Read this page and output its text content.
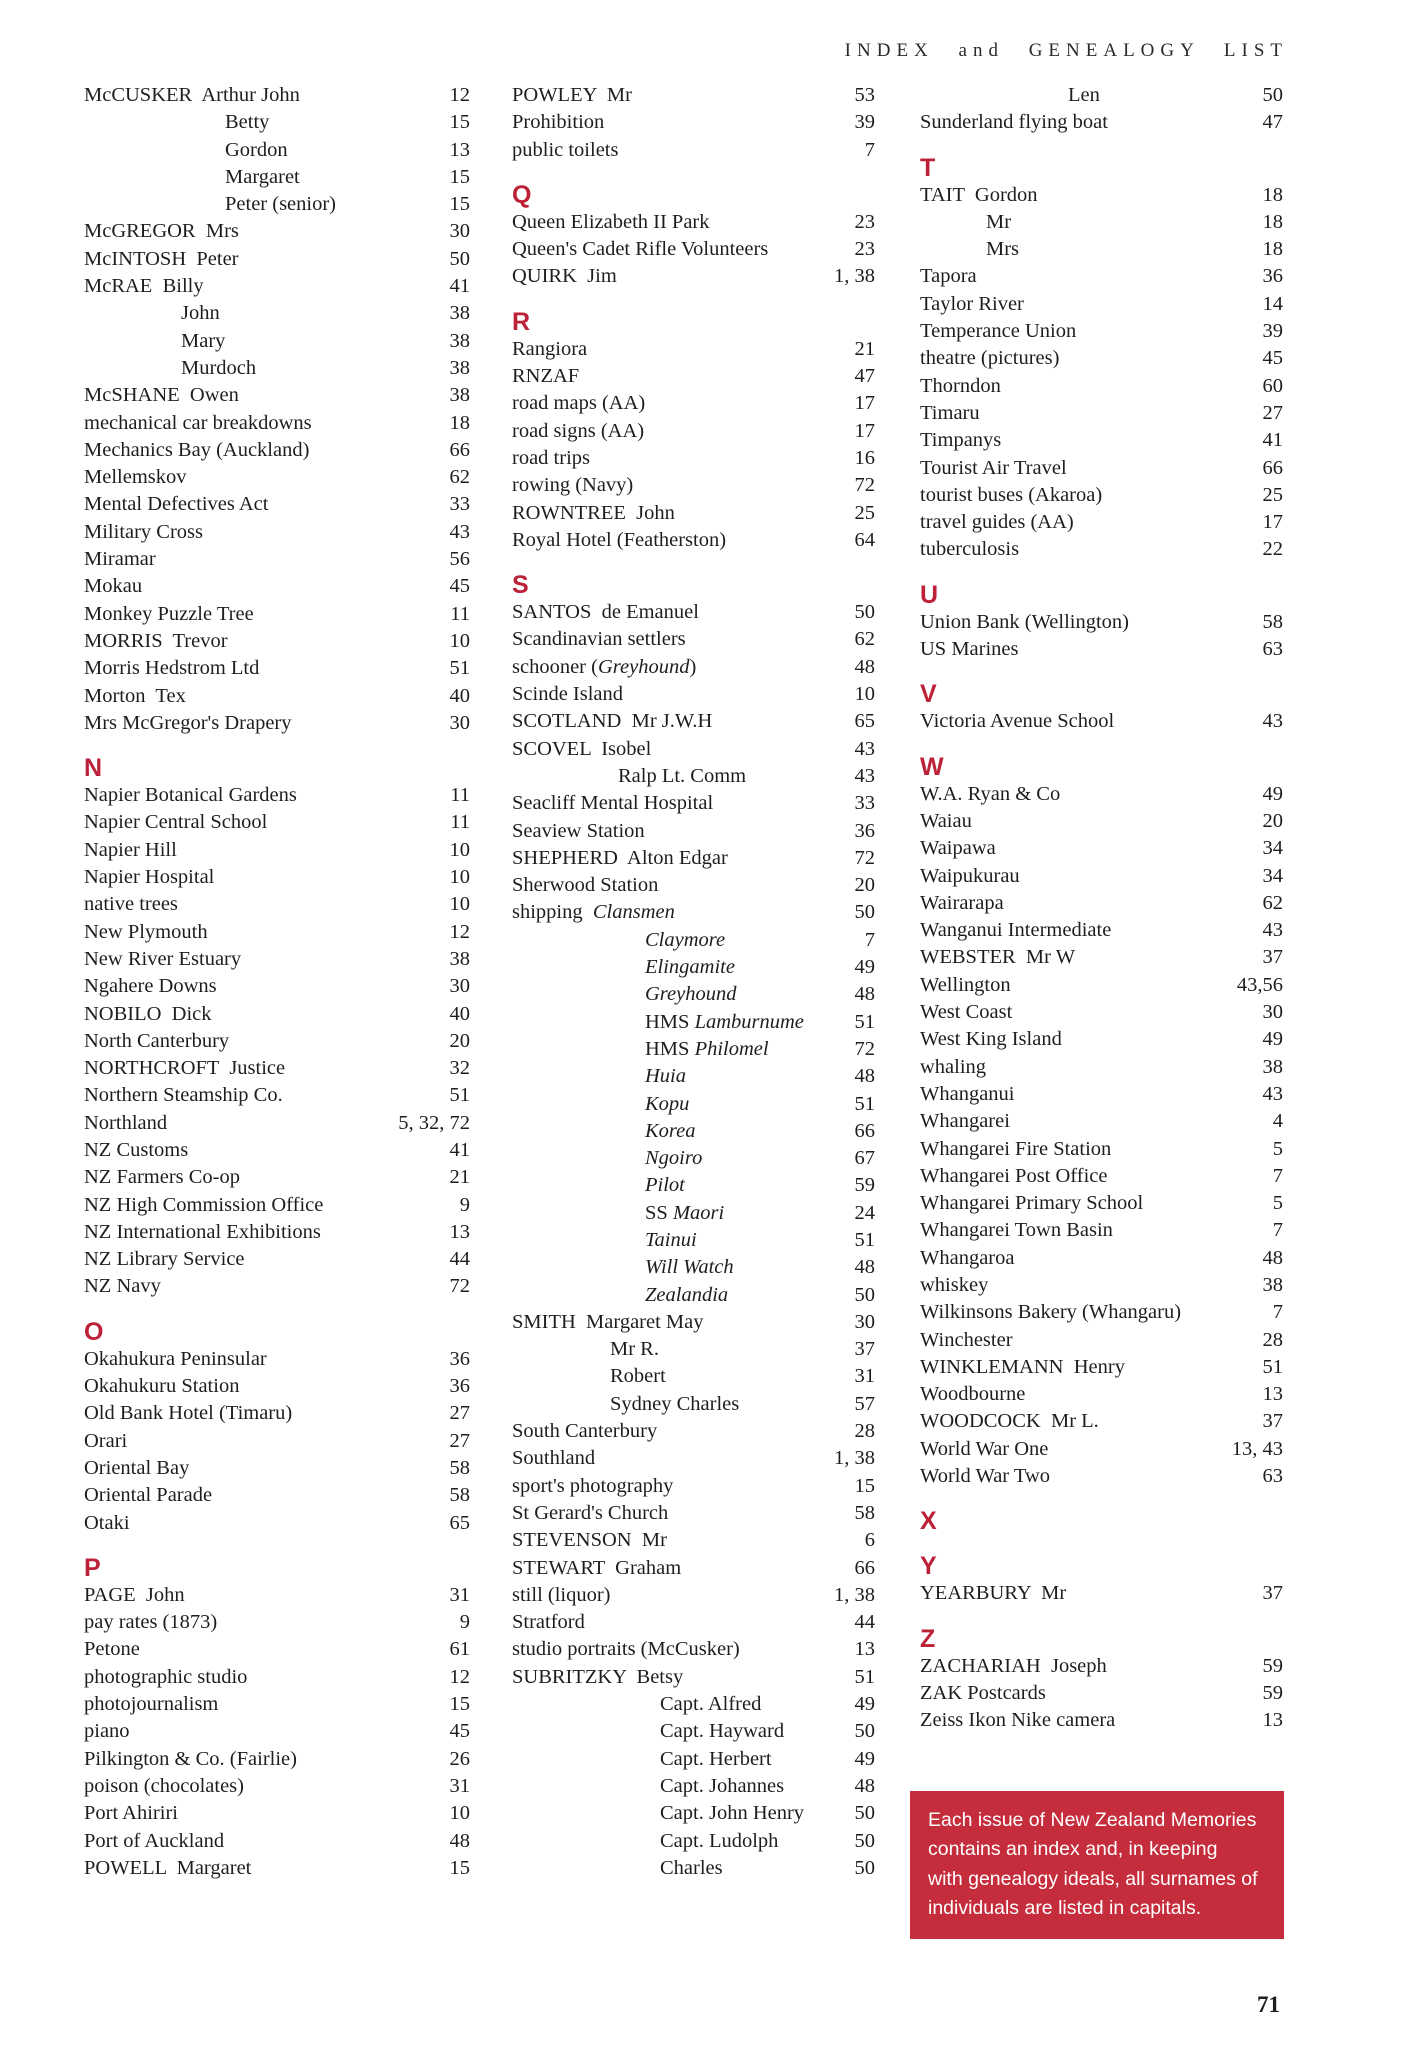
INDEX and GENEALOGY LIST
McCUSKER  Arthur John	12
Betty	15
Gordon	13
Margaret	15
Peter (senior)	15
McGREGOR  Mrs	30
McINTOSH  Peter	50
McRAE  Billy	41
John	38
Mary	38
Murdoch	38
McSHANE  Owen	38
mechanical car breakdowns	18
Mechanics Bay (Auckland)	66
Mellemskov	62
Mental Defectives Act	33
Military Cross	43
Miramar	56
Mokau	45
Monkey Puzzle Tree	11
MORRIS  Trevor	10
Morris Hedstrom Ltd	51
Morton  Tex	40
Mrs McGregor's Drapery	30
N
Napier Botanical Gardens	11
Napier Central School	11
Napier Hill	10
Napier Hospital	10
native trees	10
New Plymouth	12
New River Estuary	38
Ngahere Downs	30
NOBILO  Dick	40
North Canterbury	20
NORTHCROFT  Justice	32
Northern Steamship Co.	51
Northland	5, 32, 72
NZ Customs	41
NZ Farmers Co-op	21
NZ High Commission Office	9
NZ International Exhibitions	13
NZ Library Service	44
NZ Navy	72
O
Okahukura Peninsular	36
Okahukuru Station	36
Old Bank Hotel (Timaru)	27
Orari	27
Oriental Bay	58
Oriental Parade	58
Otaki	65
P
PAGE  John	31
pay rates (1873)	9
Petone	61
photographic studio	12
photojournalism	15
piano	45
Pilkington & Co. (Fairlie)	26
poison (chocolates)	31
Port Ahiriri	10
Port of Auckland	48
POWELL  Margaret	15
POWLEY  Mr	53
Prohibition	39
public toilets	7
Q
Queen Elizabeth II Park	23
Queen's Cadet Rifle Volunteers	23
QUIRK  Jim	1, 38
R
Rangiora	21
RNZAF	47
road maps (AA)	17
road signs (AA)	17
road trips	16
rowing (Navy)	72
ROWNTREE  John	25
Royal Hotel (Featherston)	64
S
SANTOS  de Emanuel	50
Scandinavian settlers	62
schooner ( Greyhound )	48
Scinde Island	10
SCOTLAND  Mr J.W.H	65
SCOVEL  Isobel	43
Ralp Lt. Comm	43
Seacliff Mental Hospital	33
Seaview Station	36
SHEPHERD  Alton Edgar	72
Sherwood Station	20
shipping Clansmen	50
Claymore	7
Elingamite	49
Greyhound	48
HMS Lamburnume	51
HMS Philomel	72
Huia	48
Kopu	51
Korea	66
Ngoiro	67
Pilot	59
SS Maori	24
Tainui	51
Will Watch	48
Zealandia	50
SMITH  Margaret May	30
Mr R.	37
Robert	31
Sydney Charles	57
South Canterbury	28
Southland	1, 38
sport's photography	15
St Gerard's Church	58
STEVENSON  Mr	6
STEWART  Graham	66
still (liquor)	1, 38
Stratford	44
studio portraits (McCusker)	13
SUBRITZKY  Betsy	51
Capt. Alfred	49
Capt. Hayward	50
Capt. Herbert	49
Capt. Johannes	48
Capt. John Henry	50
Capt. Ludolph	50
Charles	50
Len	50
Sunderland flying boat	47
T
TAIT  Gordon	18
Mr	18
Mrs	18
Tapora	36
Taylor River	14
Temperance Union	39
theatre (pictures)	45
Thorndon	60
Timaru	27
Timpanys	41
Tourist Air Travel	66
tourist buses (Akaroa)	25
travel guides (AA)	17
tuberculosis	22
U
Union Bank (Wellington)	58
US Marines	63
V
Victoria Avenue School	43
W
W.A. Ryan & Co	49
Waiau	20
Waipawa	34
Waipukurau	34
Wairarapa	62
Wanganui Intermediate	43
WEBSTER  Mr W	37
Wellington	43,56
West Coast	30
West King Island	49
whaling	38
Whanganui	43
Whangarei	4
Whangarei Fire Station	5
Whangarei Post Office	7
Whangarei Primary School	5
Whangarei Town Basin	7
Whangaroa	48
whiskey	38
Wilkinsons Bakery (Whangaru)	7
Winchester	28
WINKLEMANN  Henry	51
Woodbourne	13
WOODCOCK  Mr L.	37
World War One	13, 43
World War Two	63
X
Y
YEARBURY  Mr	37
Z
ZACHARIAH  Joseph	59
ZAK Postcards	59
Zeiss Ikon Nike camera	13
Each issue of New Zealand Memories
contains an index and, in keeping
with genealogy ideals, all surnames of
individuals are listed in capitals.
71
